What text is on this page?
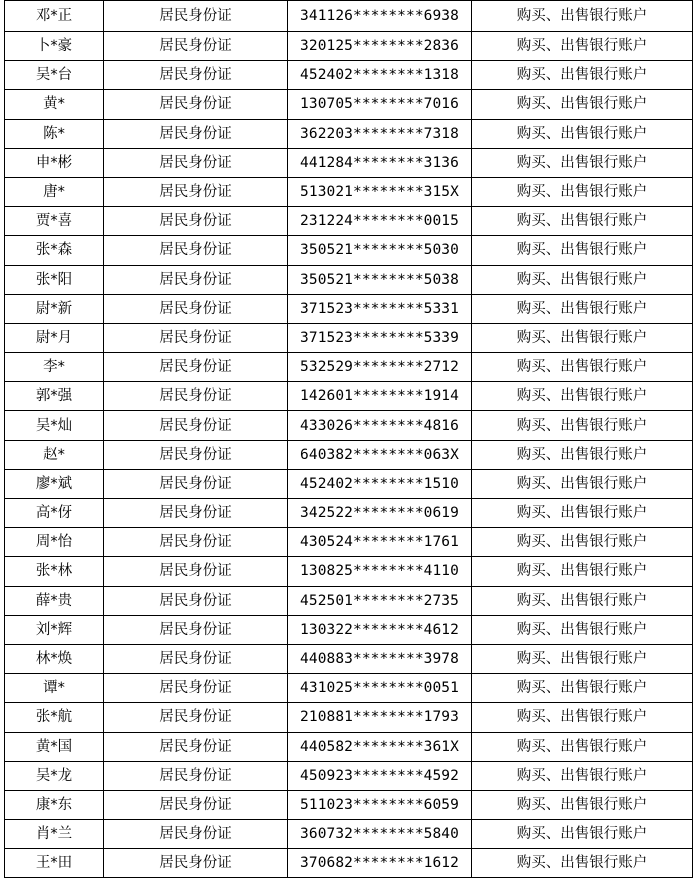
邓*正	居民身份证	341126********6938	购买、出售银行账户
卜*豪	居民身份证	320125********2836	购买、出售银行账户
吴*台	居民身份证	452402********1318	购买、出售银行账户
黄*	居民身份证	130705********7016	购买、出售银行账户
陈*	居民身份证	362203********7318	购买、出售银行账户
申*彬	居民身份证	441284********3136	购买、出售银行账户
唐*	居民身份证	513021********315X	购买、出售银行账户
贾*喜	居民身份证	231224********0015	购买、出售银行账户
张*森	居民身份证	350521********5030	购买、出售银行账户
张*阳	居民身份证	350521********5038	购买、出售银行账户
尉*新	居民身份证	371523********5331	购买、出售银行账户
尉*月	居民身份证	371523********5339	购买、出售银行账户
李*	居民身份证	532529********2712	购买、出售银行账户
郭*强	居民身份证	142601********1914	购买、出售银行账户
吴*灿	居民身份证	433026********4816	购买、出售银行账户
赵*	居民身份证	640382********063X	购买、出售银行账户
廖*斌	居民身份证	452402********1510	购买、出售银行账户
高*伢	居民身份证	342522********0619	购买、出售银行账户
周*怡	居民身份证	430524********1761	购买、出售银行账户
张*林	居民身份证	130825********4110	购买、出售银行账户
薛*贵	居民身份证	452501********2735	购买、出售银行账户
刘*辉	居民身份证	130322********4612	购买、出售银行账户
林*焕	居民身份证	440883********3978	购买、出售银行账户
谭*	居民身份证	431025********0051	购买、出售银行账户
张*航	居民身份证	210881********1793	购买、出售银行账户
黄*国	居民身份证	440582********361X	购买、出售银行账户
吴*龙	居民身份证	450923********4592	购买、出售银行账户
康*东	居民身份证	511023********6059	购买、出售银行账户
肖*兰	居民身份证	360732********5840	购买、出售银行账户
王*田	居民身份证	370682********1612	购买、出售银行账户
